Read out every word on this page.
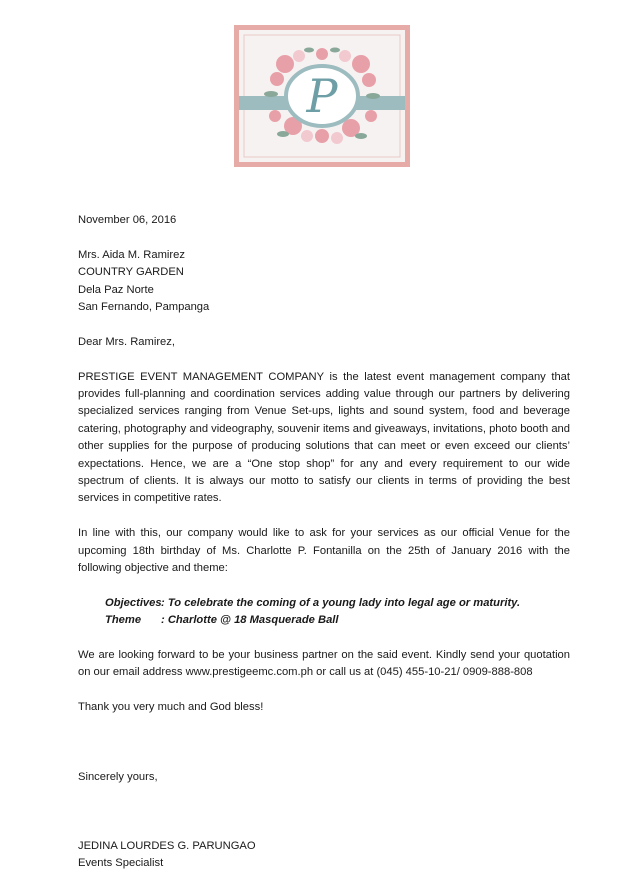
P

November 06, 2016

Mrs. Aida M. Ramirez

COUNTRY GARDEN

Dela Paz Norte

San Fernando, Pampanga

Dear Mrs. Ramirez,

PRESTIGE EVENT MANAGEMENT COMPANY is the latest event management company that provides full-planning and coordination services adding value through our partners by delivering specialized services ranging from Venue Set-ups, lights and sound system, food and beverage catering, photography and videography, souvenir items and giveaways, invitations, photo booth and other supplies for the purpose of producing solutions that can meet or even exceed our clients’ expectations. Hence, we are a “One stop shop” for any and every requirement to our wide spectrum of clients. It is always our motto to satisfy our clients in terms of providing the best services in competitive rates.

In line with this, our company would like to ask for your services as our official Venue for the upcoming 18th birthday of Ms. Charlotte P. Fontanilla on the 25th of January 2016 with the following objective and theme:

Objectives: To celebrate the coming of a young lady into legal age or maturity.

Theme : Charlotte @ 18 Masquerade Ball

We are looking forward to be your business partner on the said event. Kindly send your quotation on our email address www.prestigeemc.com.ph or call us at (045) 455-10-21/ 0909-888-808

Thank you very much and God bless!

Sincerely yours,

JEDINA LOURDES G. PARUNGAO

Events Specialist
